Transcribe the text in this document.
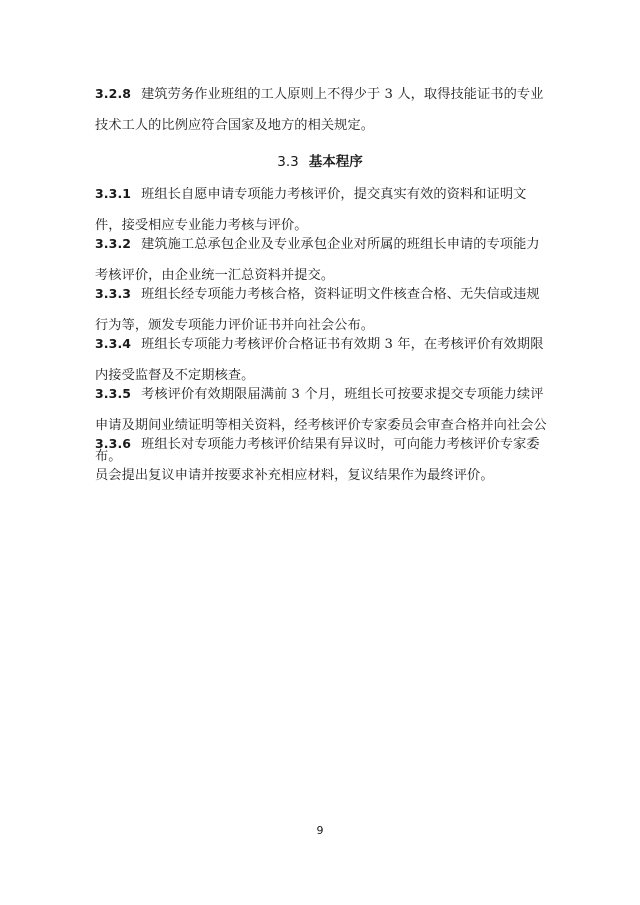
3.2.8 建筑劳务作业班组的工人原则上不得少于 3 人，取得技能证书的专业技术工人的比例应符合国家及地方的相关规定。
3.3 基本程序
3.3.1 班组长自愿申请专项能力考核评价，提交真实有效的资料和证明文件，接受相应专业能力考核与评价。
3.3.2 建筑施工总承包企业及专业承包企业对所属的班组长申请的专项能力考核评价，由企业统一汇总资料并提交。
3.3.3 班组长经专项能力考核合格，资料证明文件核查合格、无失信或违规行为等，颁发专项能力评价证书并向社会公布。
3.3.4 班组长专项能力考核评价合格证书有效期 3 年，在考核评价有效期限内接受监督及不定期核查。
3.3.5 考核评价有效期限届满前 3 个月，班组长可按要求提交专项能力续评申请及期间业绩证明等相关资料，经考核评价专家委员会审查合格并向社会公布。
3.3.6 班组长对专项能力考核评价结果有异议时，可向能力考核评价专家委员会提出复议申请并按要求补充相应材料，复议结果作为最终评价。
9
